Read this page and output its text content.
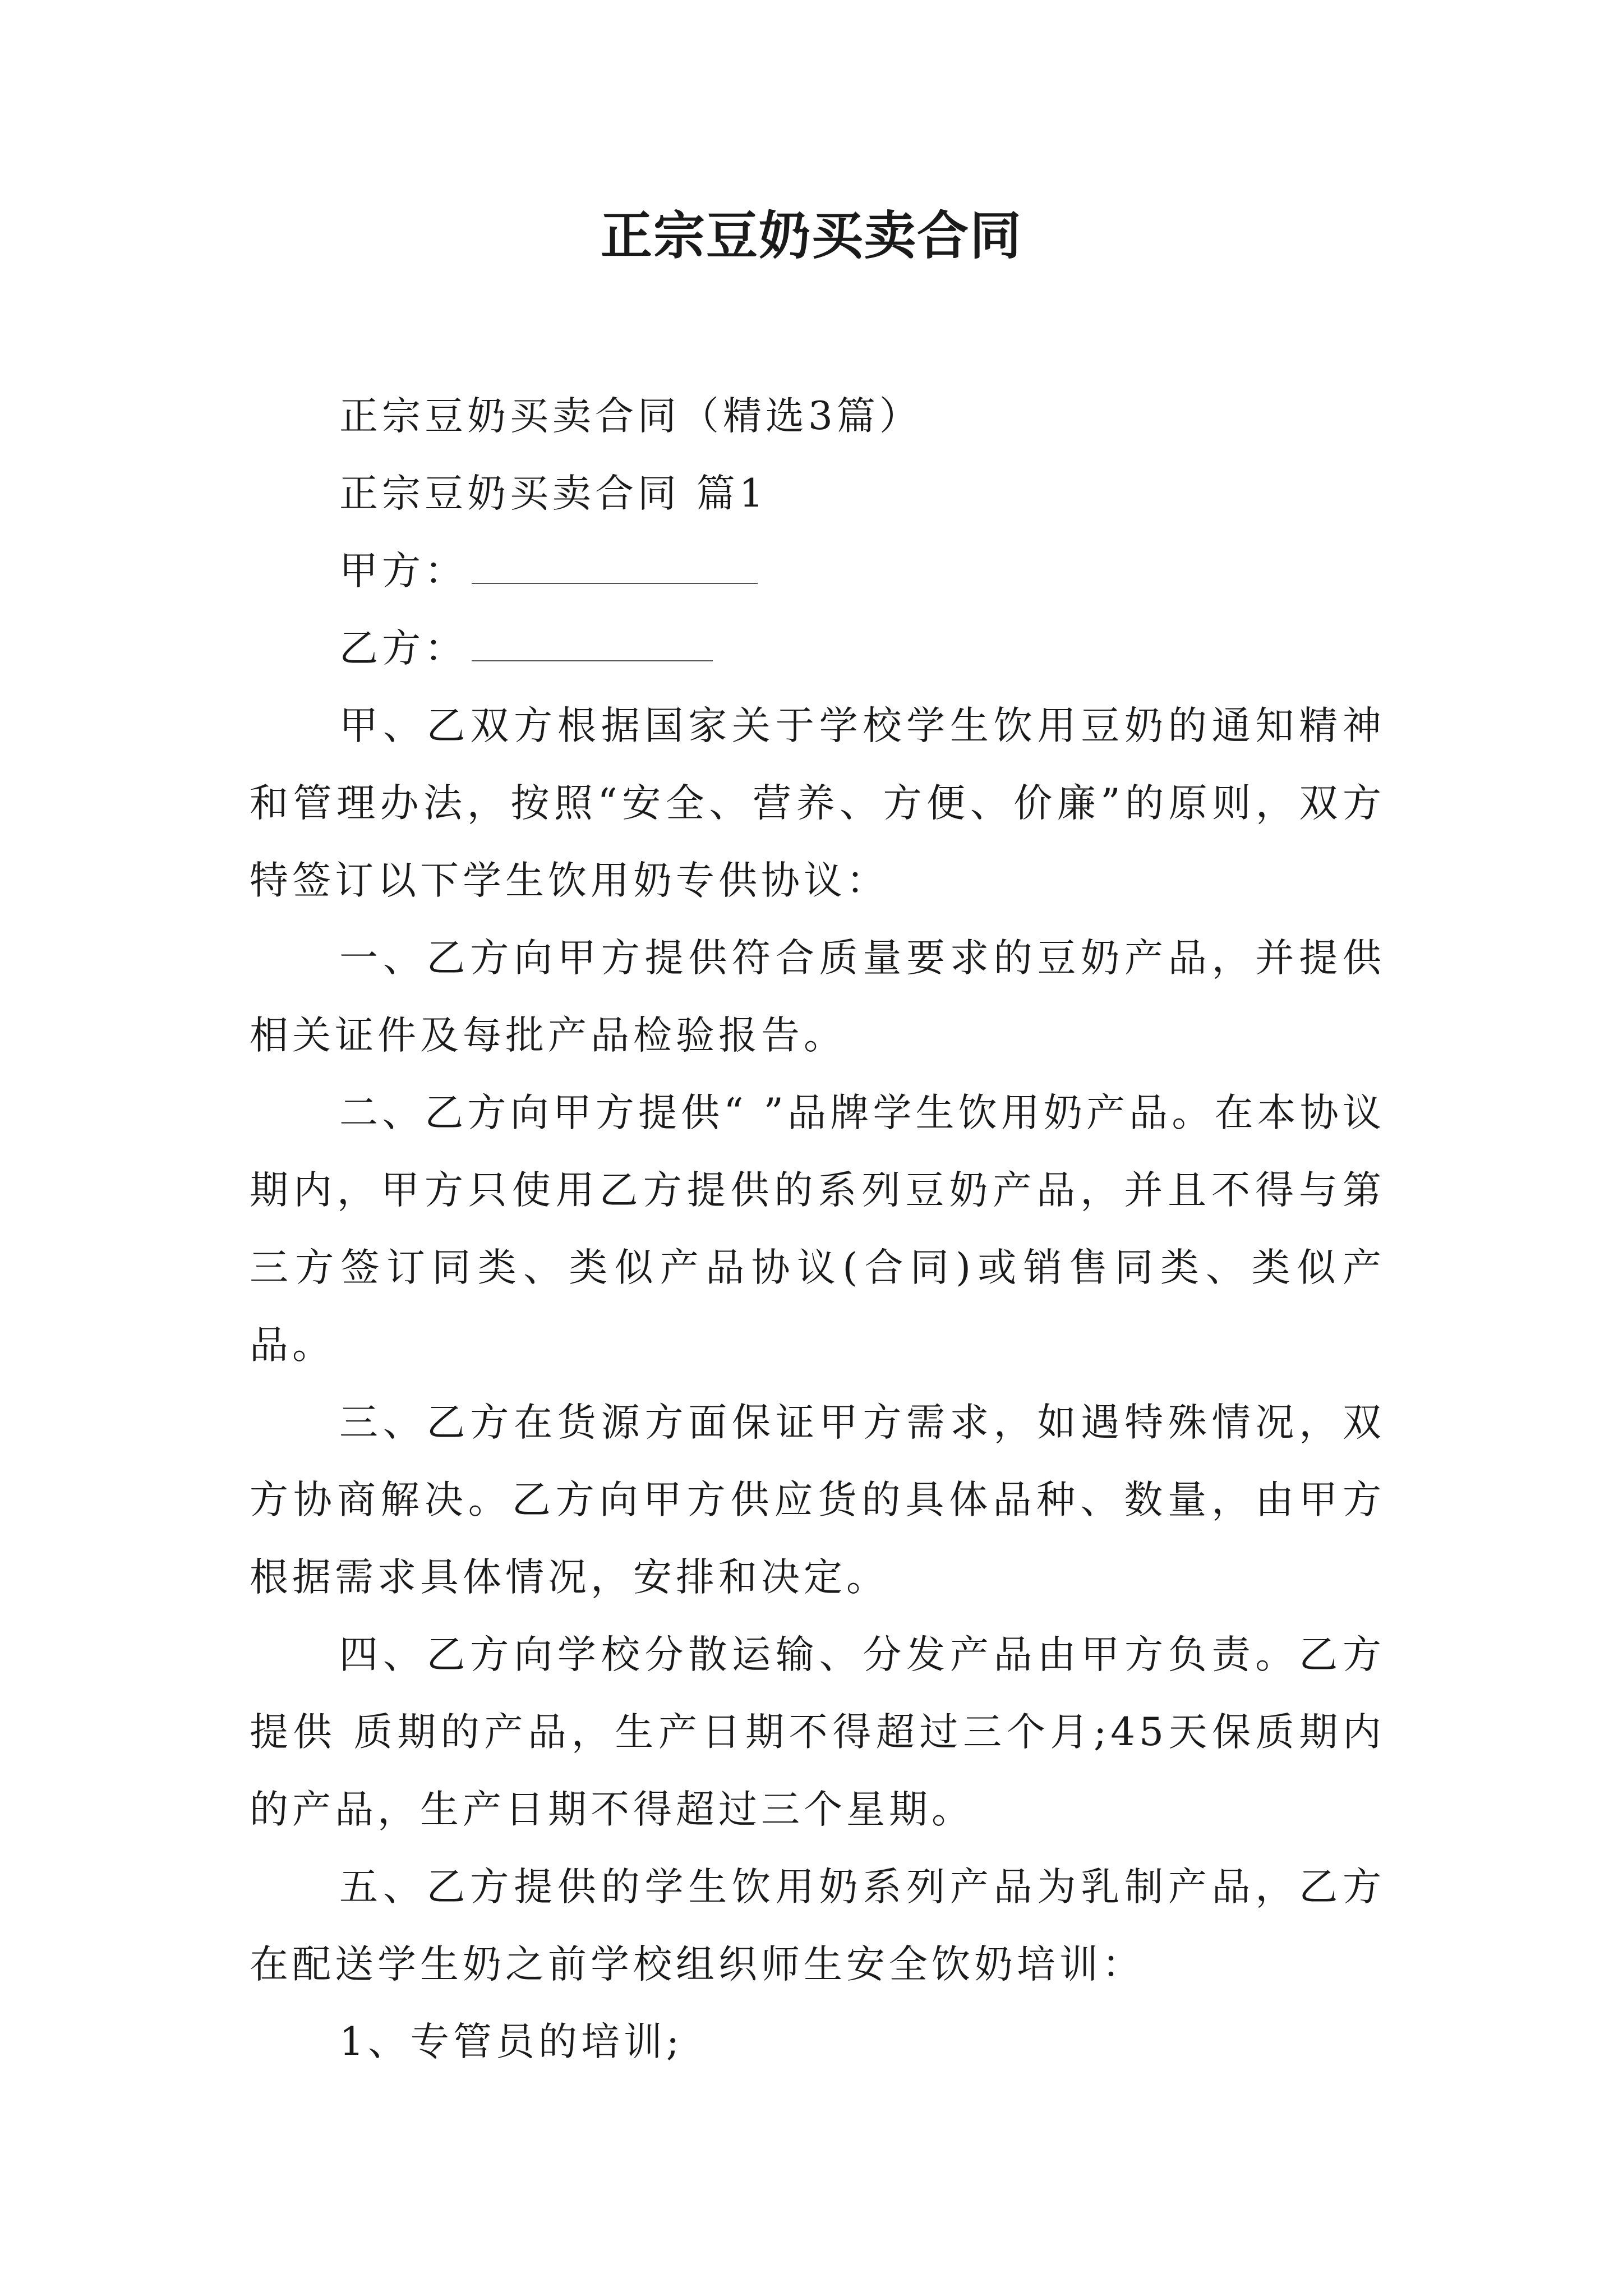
正宗豆奶买卖合同
正宗豆奶买卖合同（精选3篇）
正宗豆奶买卖合同 篇1
甲方：
乙方：

甲、乙双方根据国家关于学校学生饮用豆奶的通知精神和管理办法，按照“安全、营养、方便、价廉”的原则，双方特签订以下学生饮用奶专供协议：

一、乙方向甲方提供符合质量要求的豆奶产品，并提供相关证件及每批产品检验报告。

二、乙方向甲方提供“ ”品牌学生饮用奶产品。在本协议期内，甲方只使用乙方提供的系列豆奶产品，并且不得与第三方签订同类、类似产品协议(合同)或销售同类、类似产品。

三、乙方在货源方面保证甲方需求，如遇特殊情况，双方协商解决。乙方向甲方供应货的具体品种、数量，由甲方根据需求具体情况，安排和决定。

四、乙方向学校分散运输、分发产品由甲方负责。乙方提供 质期的产品，生产日期不得超过三个月;45天保质期内的产品，生产日期不得超过三个星期。

五、乙方提供的学生饮用奶系列产品为乳制产品，乙方在配送学生奶之前学校组织师生安全饮奶培训：

1、专管员的培训;
